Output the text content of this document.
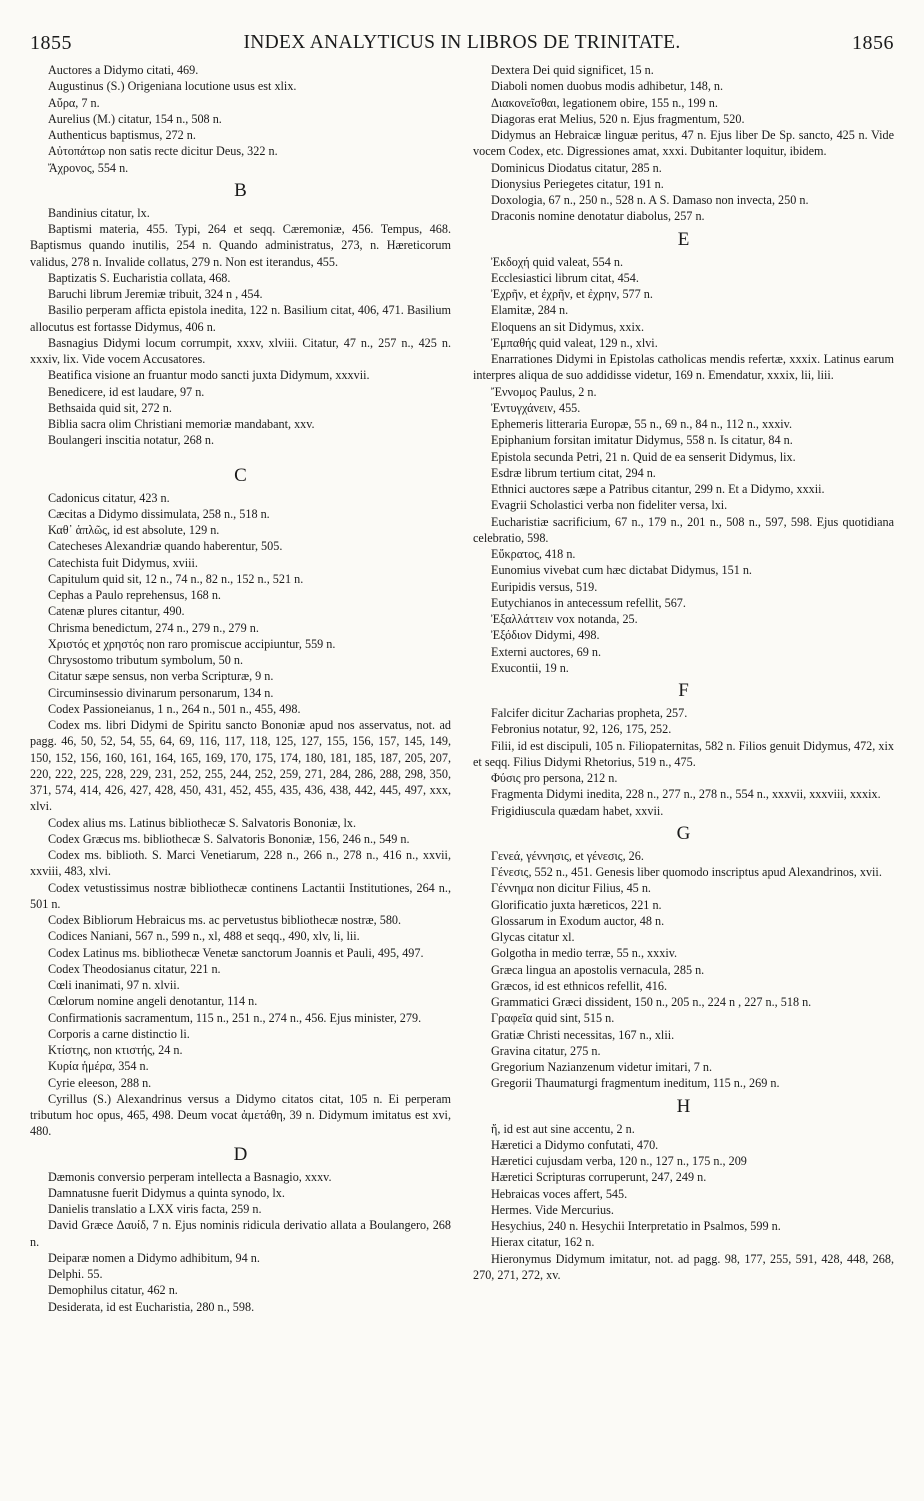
1855	INDEX ANALYTICUS IN LIBROS DE TRINITATE.	1856

Auctores a Didymo citati, 469.

Augustinus (S.) Origeniana locutione usus est xlix.

Αὔρα, 7 n.

Aurelius (M.) citatur, 154 n., 508 n.

Authenticus baptismus, 272 n.

Αὐτοπάτωρ non satis recte dicitur Deus, 322 n.

Ἄχρονος, 554 n.

B

Bandinius citatur, lx.

Baptismi materia, 455. Typi, 264 et seqq. Cæremoniæ, 456. Tempus, 468. Baptismus quando inutilis, 254 n. Quando administratus, 273, n. Hæreticorum validus, 278 n. Invalide collatus, 279 n. Non est iterandus, 455.

Baptizatis S. Eucharistia collata, 468.

Baruchi librum Jeremiæ tribuit, 324 n , 454.

Basilio perperam afficta epistola inedita, 122 n. Basilium citat, 406, 471. Basilium allocutus est fortasse Didymus, 406 n.

Basnagius Didymi locum corrumpit, xxxv, xlviii. Citatur, 47 n., 257 n., 425 n. xxxiv, lix. Vide vocem Accusatores.

Beatifica visione an fruantur modo sancti juxta Didymum, xxxvii.

Benedicere, id est laudare, 97 n.

Bethsaida quid sit, 272 n.

Biblia sacra olim Christiani memoriæ mandabant, xxv.

Boulangeri inscitia notatur, 268 n.

C

Cadonicus citatur, 423 n.

Cæcitas a Didymo dissimulata, 258 n., 518 n.

Καθ᾽ ἁπλῶς, id est absolute, 129 n.

Catecheses Alexandriæ quando haberentur, 505.

Catechista fuit Didymus, xviii.

Capitulum quid sit, 12 n., 74 n., 82 n., 152 n., 521 n.

Cephas a Paulo reprehensus, 168 n.

Catenæ plures citantur, 490.

Chrisma benedictum, 274 n., 279 n., 279 n.

Χριστός et χρηστός non raro promiscue accipiuntur, 559 n.

Chrysostomo tributum symbolum, 50 n.

Citatur sæpe sensus, non verba Scripturæ, 9 n.

Circuminsessio divinarum personarum, 134 n.

Codex Passioneianus, 1 n., 264 n., 501 n., 455, 498.

Codex ms. libri Didymi de Spiritu sancto Bononiæ apud nos asservatus, not. ad pagg. 46, 50, 52, 54, 55, 64, 69, 116, 117, 118, 125, 127, 155, 156, 157, 145, 149, 150, 152, 156, 160, 161, 164, 165, 169, 170, 175, 174, 180, 181, 185, 187, 205, 207, 220, 222, 225, 228, 229, 231, 252, 255, 244, 252, 259, 271, 284, 286, 288, 298, 350, 371, 574, 414, 426, 427, 428, 450, 431, 452, 455, 435, 436, 438, 442, 445, 497, xxx, xlvi.

Codex alius ms. Latinus bibliothecæ S. Salvatoris Bononiæ, lx.

Codex Græcus ms. bibliothecæ S. Salvatoris Bononiæ, 156, 246 n., 549 n.

Codex ms. biblioth. S. Marci Venetiarum, 228 n., 266 n., 278 n., 416 n., xxvii, xxviii, 483, xlvi.

Codex vetustissimus nostræ bibliothecæ continens Lactantii Institutiones, 264 n., 501 n.

Codex Bibliorum Hebraicus ms. ac pervetustus bibliothecæ nostræ, 580.

Codices Naniani, 567 n., 599 n., xl, 488 et seqq., 490, xlv, li, lii.

Codex Latinus ms. bibliothecæ Venetæ sanctorum Joannis et Pauli, 495, 497.

Codex Theodosianus citatur, 221 n.

Cœli inanimati, 97 n. xlvii.

Cœlorum nomine angeli denotantur, 114 n.

Confirmationis sacramentum, 115 n., 251 n., 274 n., 456. Ejus minister, 279.

Corporis a carne distinctio li.

Κτίστης, non κτιστής, 24 n.

Κυρία ἡμέρα, 354 n.

Cyrie eleeson, 288 n.

Cyrillus (S.) Alexandrinus versus a Didymo citatos citat, 105 n. Ei perperam tributum hoc opus, 465, 498. Deum vocat ἀμετάθη, 39 n. Didymum imitatus est xvi, 480.

D

Dæmonis conversio perperam intellecta a Basnagio, xxxv.

Damnatusne fuerit Didymus a quinta synodo, lx.

Danielis translatio a LXX viris facta, 259 n.

David Græce Δαυίδ, 7 n. Ejus nominis ridicula derivatio allata a Boulangero, 268 n.

Deiparæ nomen a Didymo adhibitum, 94 n.

Delphi. 55.

Demophilus citatur, 462 n.

Desiderata, id est Eucharistia, 280 n., 598.

Dextera Dei quid significet, 15 n.

Diaboli nomen duobus modis adhibetur, 148, n.

Διακονεῖσθαι, legationem obire, 155 n., 199 n.

Diagoras erat Melius, 520 n. Ejus fragmentum, 520.

Didymus an Hebraicæ linguæ peritus, 47 n. Ejus liber De Sp. sancto, 425 n. Vide vocem Codex, etc. Digressiones amat, xxxi. Dubitanter loquitur, ibidem.

Dominicus Diodatus citatur, 285 n.

Dionysius Periegetes citatur, 191 n.

Doxologia, 67 n., 250 n., 528 n. A S. Damaso non invecta, 250 n.

Draconis nomine denotatur diabolus, 257 n.

E

Ἐκδοχή quid valeat, 554 n.

Ecclesiastici librum citat, 454.

Ἐχρῆν, et ἐχρῆν, et ἐχρην, 577 n.

Elamitæ, 284 n.

Eloquens an sit Didymus, xxix.

Ἐμπαθής quid valeat, 129 n., xlvi.

Enarrationes Didymi in Epistolas catholicas mendis refertæ, xxxix. Latinus earum interpres aliqua de suo addidisse videtur, 169 n. Emendatur, xxxix, lii, liii.

Ἔννομος Paulus, 2 n.

Ἐντυγχάνειν, 455.

Ephemeris litteraria Europæ, 55 n., 69 n., 84 n., 112 n., xxxiv.

Epiphanium forsitan imitatur Didymus, 558 n. Is citatur, 84 n.

Epistola secunda Petri, 21 n. Quid de ea senserit Didymus, lix.

Esdræ librum tertium citat, 294 n.

Ethnici auctores sæpe a Patribus citantur, 299 n. Et a Didymo, xxxii.

Evagrii Scholastici verba non fideliter versa, lxi.

Eucharistiæ sacrificium, 67 n., 179 n., 201 n., 508 n., 597, 598. Ejus quotidiana celebratio, 598.

Εὔκρατος, 418 n.

Eunomius vivebat cum hæc dictabat Didymus, 151 n.

Euripidis versus, 519.

Eutychianos in antecessum refellit, 567.

Ἐξαλλάττειν vox notanda, 25.

Ἐξόδιον Didymi, 498.

Externi auctores, 69 n.

Exucontii, 19 n.

F

Falcifer dicitur Zacharias propheta, 257.

Febronius notatur, 92, 126, 175, 252.

Filii, id est discipuli, 105 n. Filiopaternitas, 582 n. Filios genuit Didymus, 472, xix et seqq. Filius Didymi Rhetorius, 519 n., 475.

Φύσις pro persona, 212 n.

Fragmenta Didymi inedita, 228 n., 277 n., 278 n., 554 n., xxxvii, xxxviii, xxxix.

Frigidiuscula quædam habet, xxvii.

G

Γενεά, γέννησις, et γένεσις, 26.

Γένεσις, 552 n., 451. Genesis liber quomodo inscriptus apud Alexandrinos, xvii.

Γέννημα non dicitur Filius, 45 n.

Glorificatio juxta hæreticos, 221 n.

Glossarum in Exodum auctor, 48 n.

Glycas citatur xl.

Golgotha in medio terræ, 55 n., xxxiv.

Græca lingua an apostolis vernacula, 285 n.

Græcos, id est ethnicos refellit, 416.

Grammatici Græci dissident, 150 n., 205 n., 224 n , 227 n., 518 n.

Γραφεῖα quid sint, 515 n.

Gratiæ Christi necessitas, 167 n., xlii.

Gravina citatur, 275 n.

Gregorium Nazianzenum videtur imitari, 7 n.

Gregorii Thaumaturgi fragmentum ineditum, 115 n., 269 n.

H

ἤ, id est aut sine accentu, 2 n.

Hæretici a Didymo confutati, 470.

Hæretici cujusdam verba, 120 n., 127 n., 175 n., 209

Hæretici Scripturas corruperunt, 247, 249 n.

Hebraicas voces affert, 545.

Hermes. Vide Mercurius.

Hesychius, 240 n. Hesychii Interpretatio in Psalmos, 599 n.

Hierax citatur, 162 n.

Hieronymus Didymum imitatur, not. ad pagg. 98, 177, 255, 591, 428, 448, 268, 270, 271, 272, xv.
